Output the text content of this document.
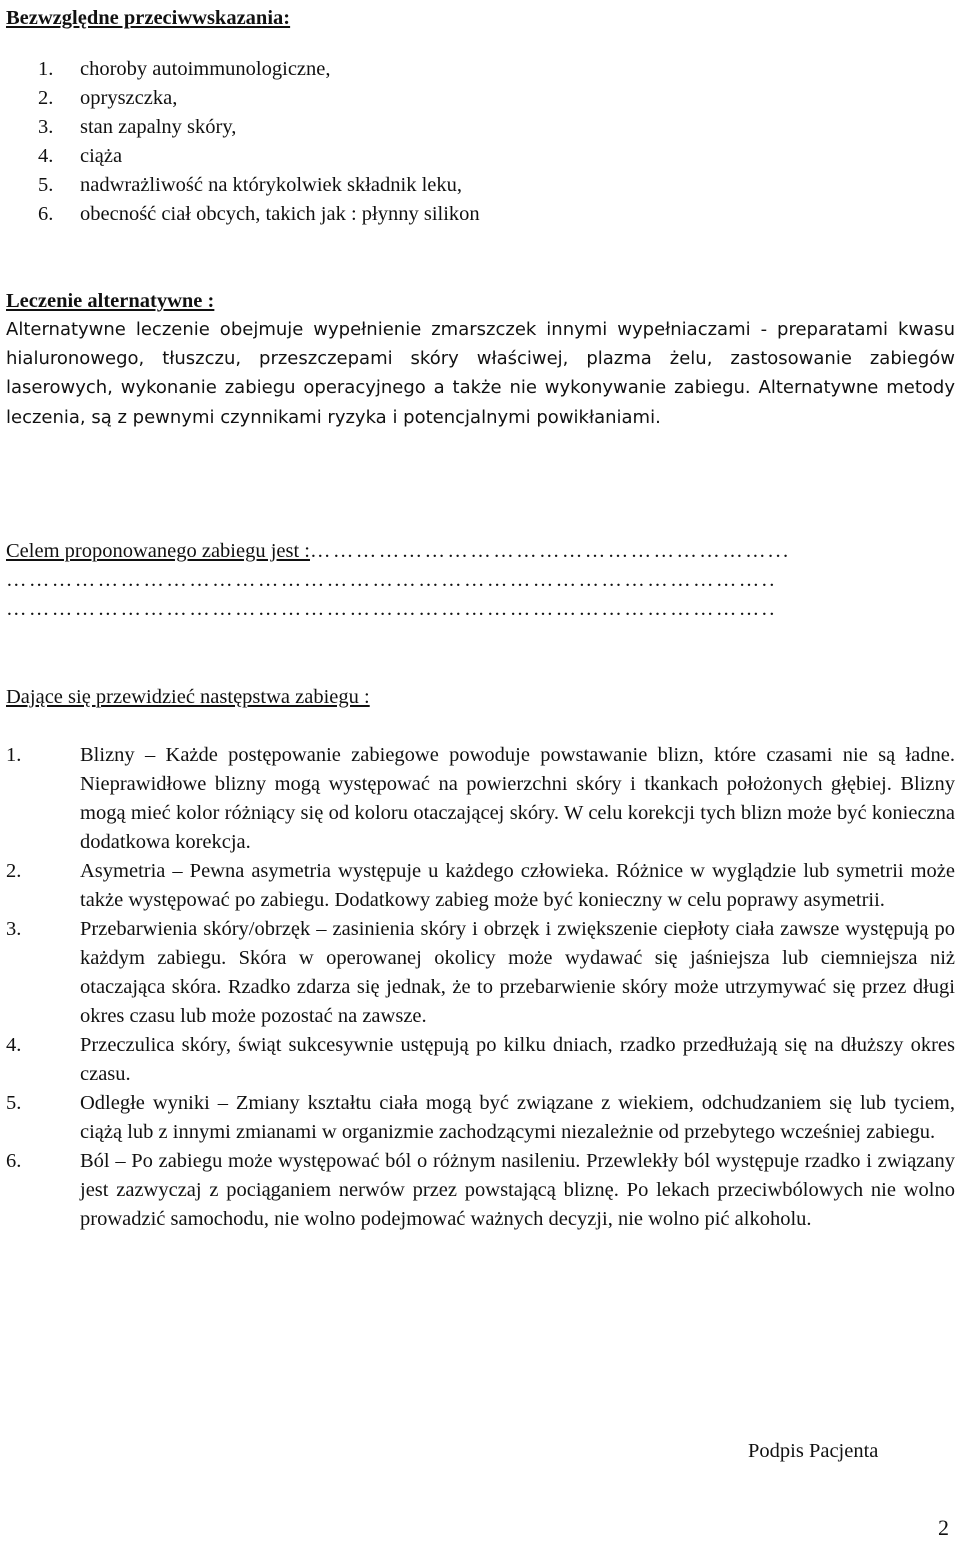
Bezwzględne przeciwwskazania:
1.	choroby autoimmunologiczne,
2.	opryszczka,
3.	stan zapalny skóry,
4.	ciąża
5.	nadwrażliwość na którykolwiek składnik leku,
6.	obecność ciał obcych, takich jak : płynny silikon
Leczenie alternatywne :

Alternatywne leczenie obejmuje wypełnienie zmarszczek innymi wypełniaczami - preparatami kwasu hialuronowego, tłuszczu, przeszczepami skóry właściwej, plazma żelu, zastosowanie zabiegów laserowych, wykonanie zabiegu operacyjnego a także nie wykonywanie zabiegu. Alternatywne metody leczenia, są z pewnymi czynnikami ryzyka i potencjalnymi powikłaniami.

Celem proponowanego zabiegu jest :……………………………………………………...
………………………………………………………………………………………..
………………………………………………………………………………………..
Dające się przewidzieć następstwa zabiegu :
1.	Blizny – Każde postępowanie zabiegowe powoduje powstawanie blizn, które czasami nie są ładne. Nieprawidłowe blizny mogą występować na powierzchni skóry i tkankach położonych głębiej. Blizny mogą mieć kolor różniący się od koloru otaczającej skóry. W celu korekcji tych blizn może być konieczna dodatkowa korekcja.
2.	Asymetria – Pewna asymetria występuje u każdego człowieka. Różnice w wyglądzie lub symetrii może także występować po zabiegu. Dodatkowy zabieg może być konieczny w celu poprawy asymetrii.
3.	Przebarwienia skóry/obrzęk – zasinienia skóry i obrzęk i zwiększenie ciepłoty ciała zawsze występują po każdym zabiegu. Skóra w operowanej okolicy może wydawać się jaśniejsza lub ciemniejsza niż otaczająca skóra. Rzadko zdarza się jednak, że to przebarwienie skóry może utrzymywać się przez długi okres czasu lub może pozostać na zawsze.
4.	Przeczulica skóry, świąt sukcesywnie ustępują po kilku dniach, rzadko przedłużają się na dłuższy okres czasu.
5.	Odległe wyniki – Zmiany kształtu ciała mogą być związane z wiekiem, odchudzaniem się lub tyciem, ciążą lub z innymi zmianami w organizmie zachodzącymi niezależnie od przebytego wcześniej zabiegu.
6.	Ból – Po zabiegu może występować ból o różnym nasileniu. Przewlekły ból występuje rzadko i związany jest zazwyczaj z pociąganiem nerwów przez powstającą bliznę. Po lekach przeciwbólowych nie wolno prowadzić samochodu, nie wolno podejmować ważnych decyzji, nie wolno pić alkoholu.
Podpis Pacjenta
2
